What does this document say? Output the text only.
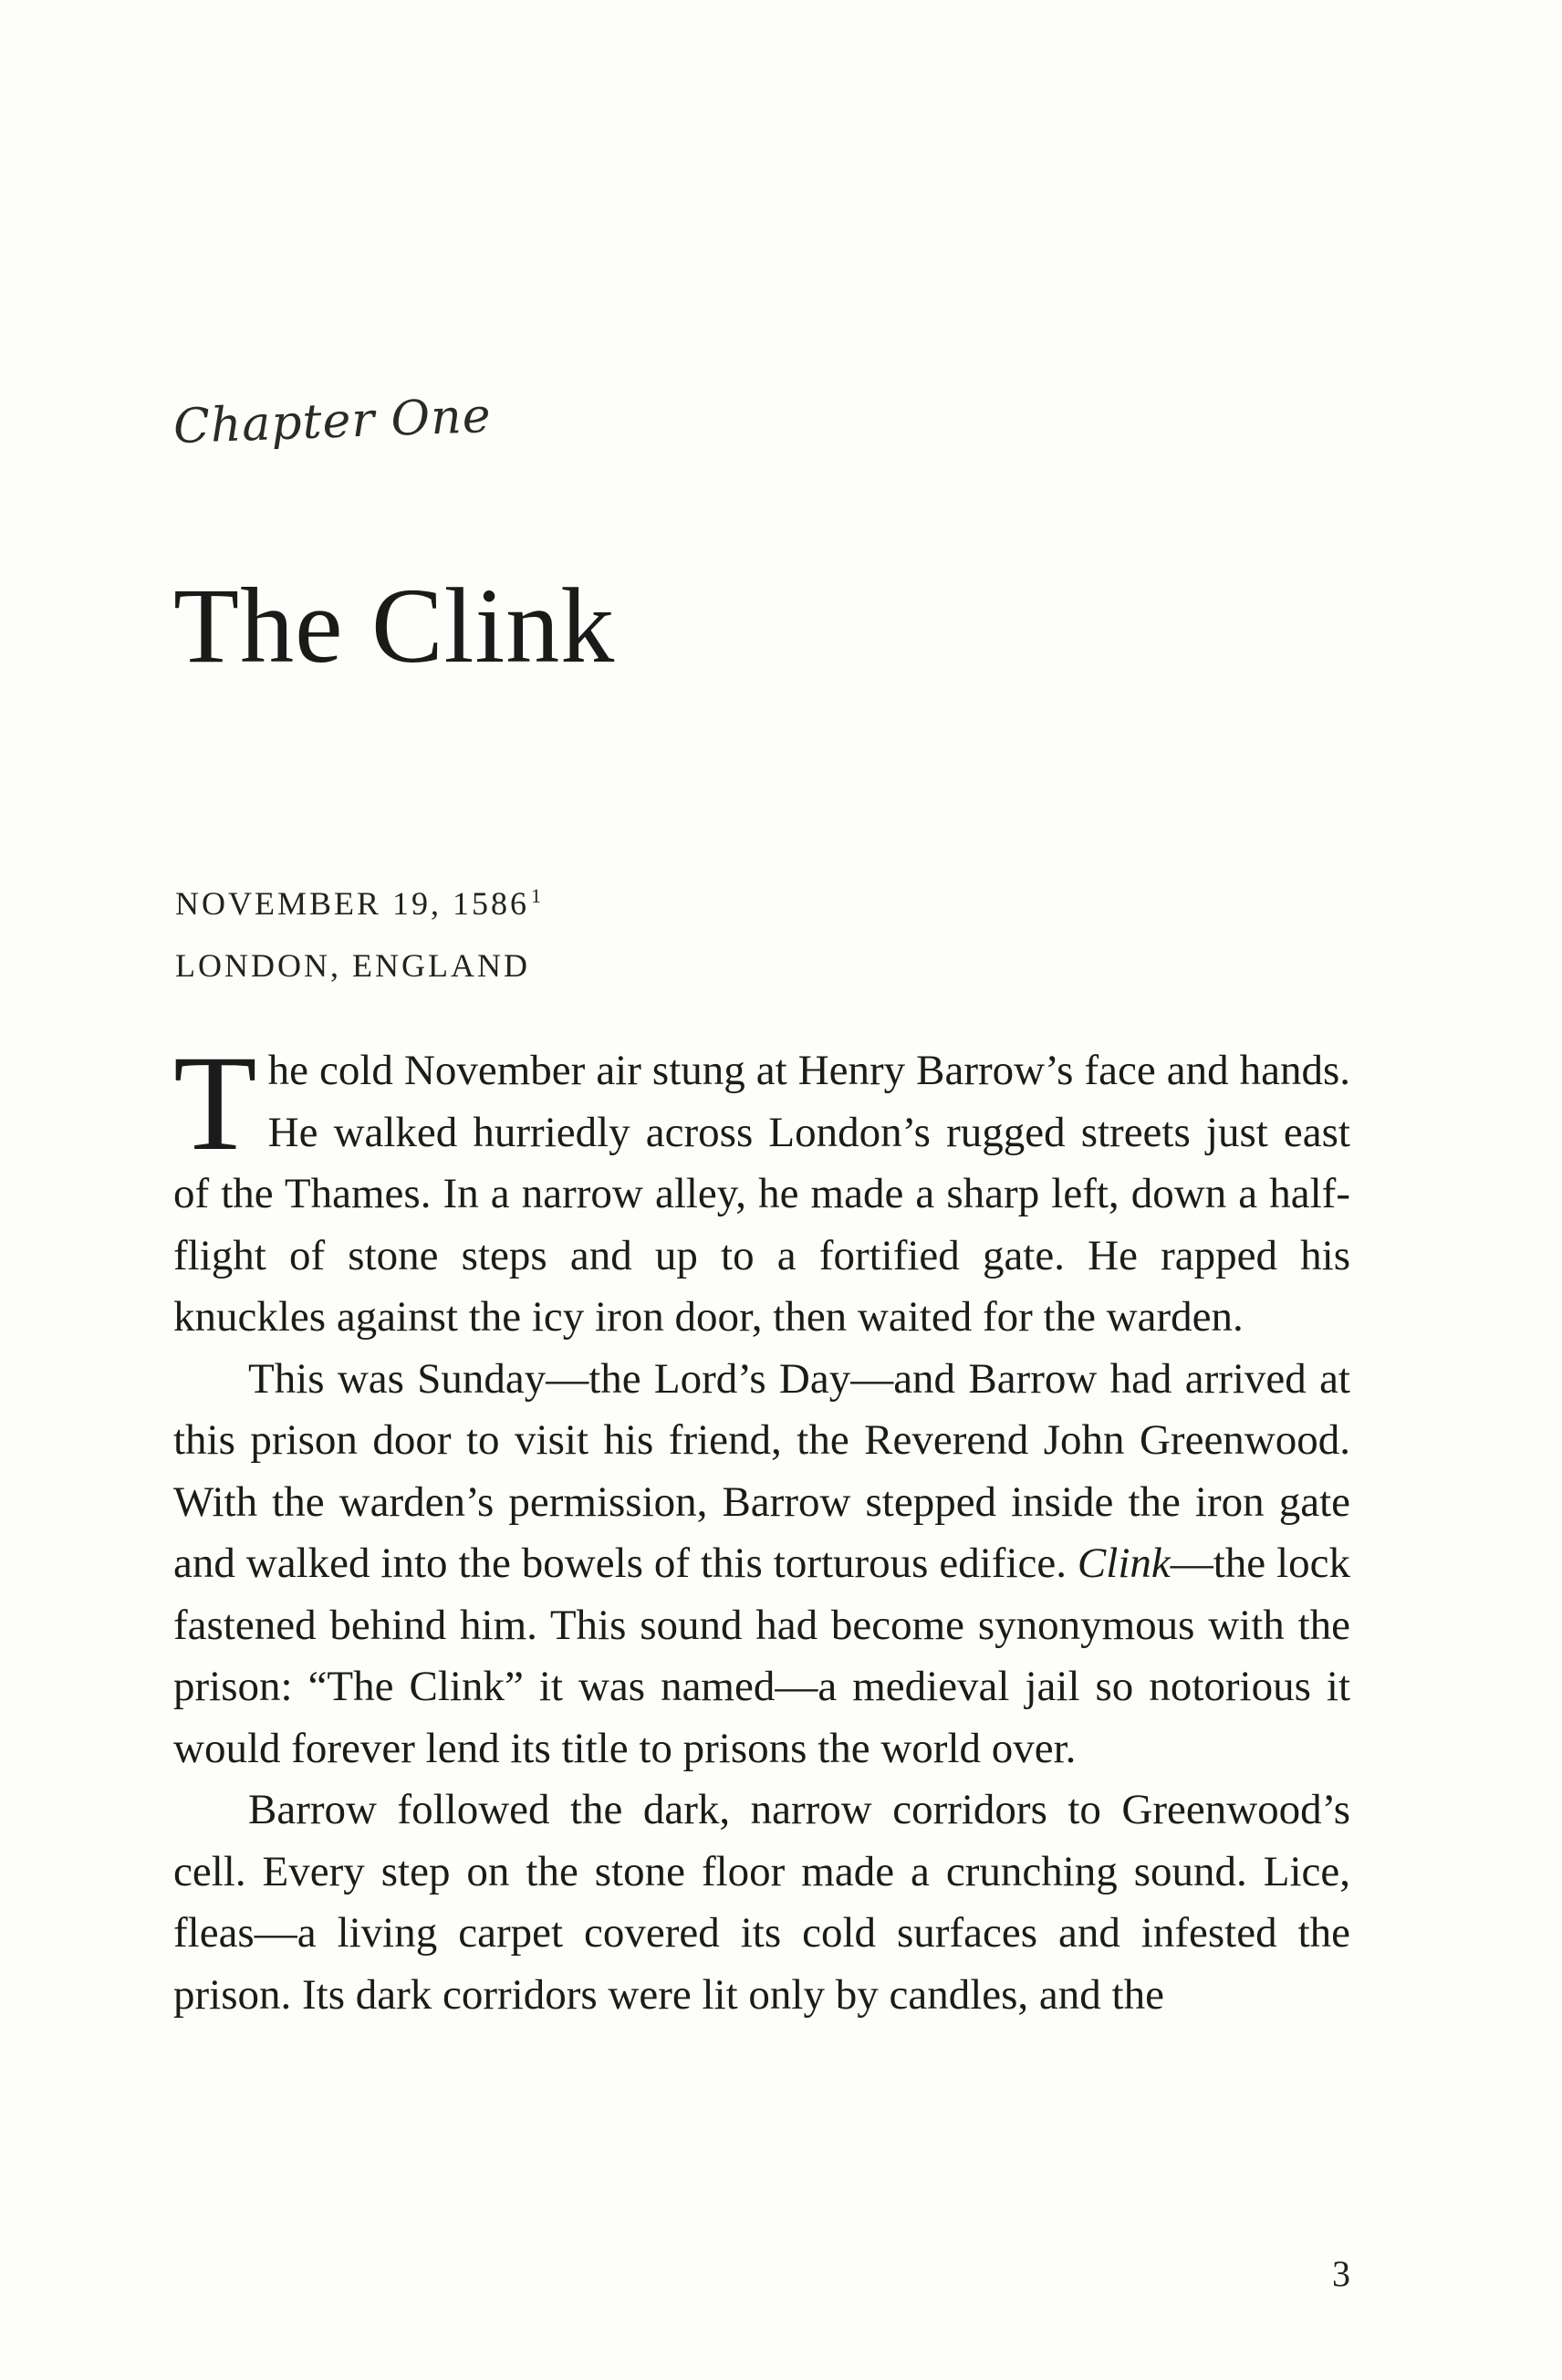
Chapter One
The Clink
NOVEMBER 19, 1586$^1$
LONDON, ENGLAND

The cold November air stung at Henry Barrow’s face and hands. He walked hurriedly across London’s rugged streets just east of the Thames. In a narrow alley, he made a sharp left, down a half-flight of stone steps and up to a fortified gate. He rapped his knuckles against the icy iron door, then waited for the warden.

This was Sunday—the Lord’s Day—and Barrow had arrived at this prison door to visit his friend, the Reverend John Greenwood. With the warden’s permission, Barrow stepped inside the iron gate and walked into the bowels of this torturous edifice. Clink—the lock fastened behind him. This sound had become synonymous with the prison: “The Clink” it was named—a medieval jail so notorious it would forever lend its title to prisons the world over.

Barrow followed the dark, narrow corridors to Greenwood’s cell. Every step on the stone floor made a crunching sound. Lice, fleas—a living carpet covered its cold surfaces and infested the prison. Its dark corridors were lit only by candles, and the

3
